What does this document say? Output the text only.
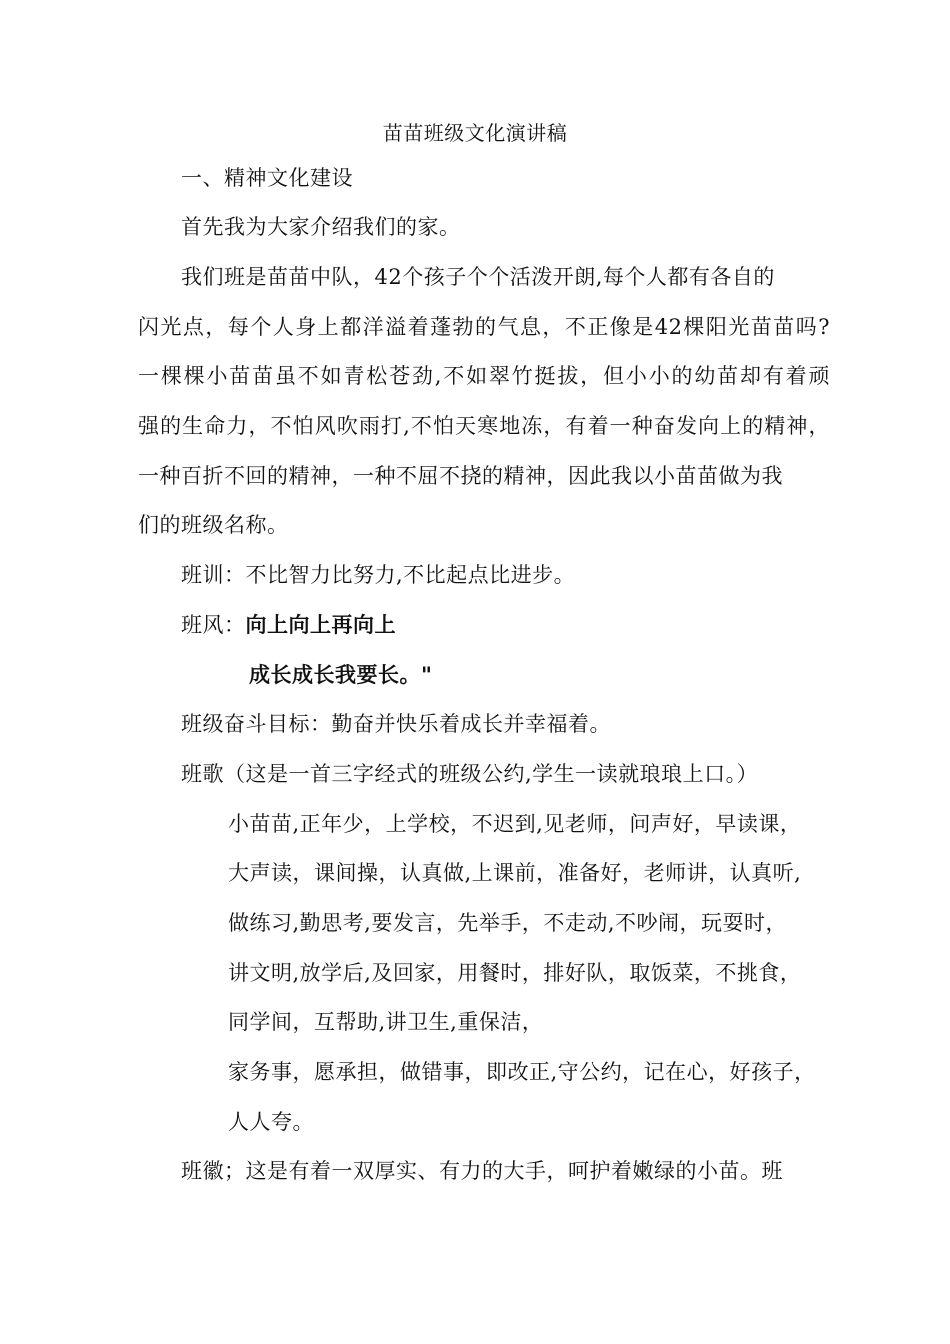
苗苗班级文化演讲稿
一、精神文化建设
首先我为大家介绍我们的家。
我们班是苗苗中队，42个孩子个个活泼开朗,每个人都有各自的
闪光点，每个人身上都洋溢着蓬勃的气息，不正像是42棵阳光苗苗吗?
一棵棵小苗苗虽不如青松苍劲,不如翠竹挺拔，但小小的幼苗却有着顽
强的生命力，不怕风吹雨打,不怕天寒地冻，有着一种奋发向上的精神，
一种百折不回的精神，一种不屈不挠的精神，因此我以小苗苗做为我
们的班级名称。
班训：不比智力比努力,不比起点比进步。
班风：向上向上再向上
成长成长我要长。"
班级奋斗目标：勤奋并快乐着成长并幸福着。
班歌（这是一首三字经式的班级公约,学生一读就琅琅上口。）
小苗苗,正年少，上学校，不迟到,见老师，问声好，早读课，
大声读，课间操，认真做,上课前，准备好，老师讲，认真听,
做练习,勤思考,要发言，先举手，不走动,不吵闹，玩耍时，
讲文明,放学后,及回家，用餐时，排好队，取饭菜，不挑食，
同学间，互帮助,讲卫生,重保洁，
家务事，愿承担，做错事，即改正,守公约，记在心，好孩子，
人人夸。
班徽；这是有着一双厚实、有力的大手，呵护着嫩绿的小苗。班
